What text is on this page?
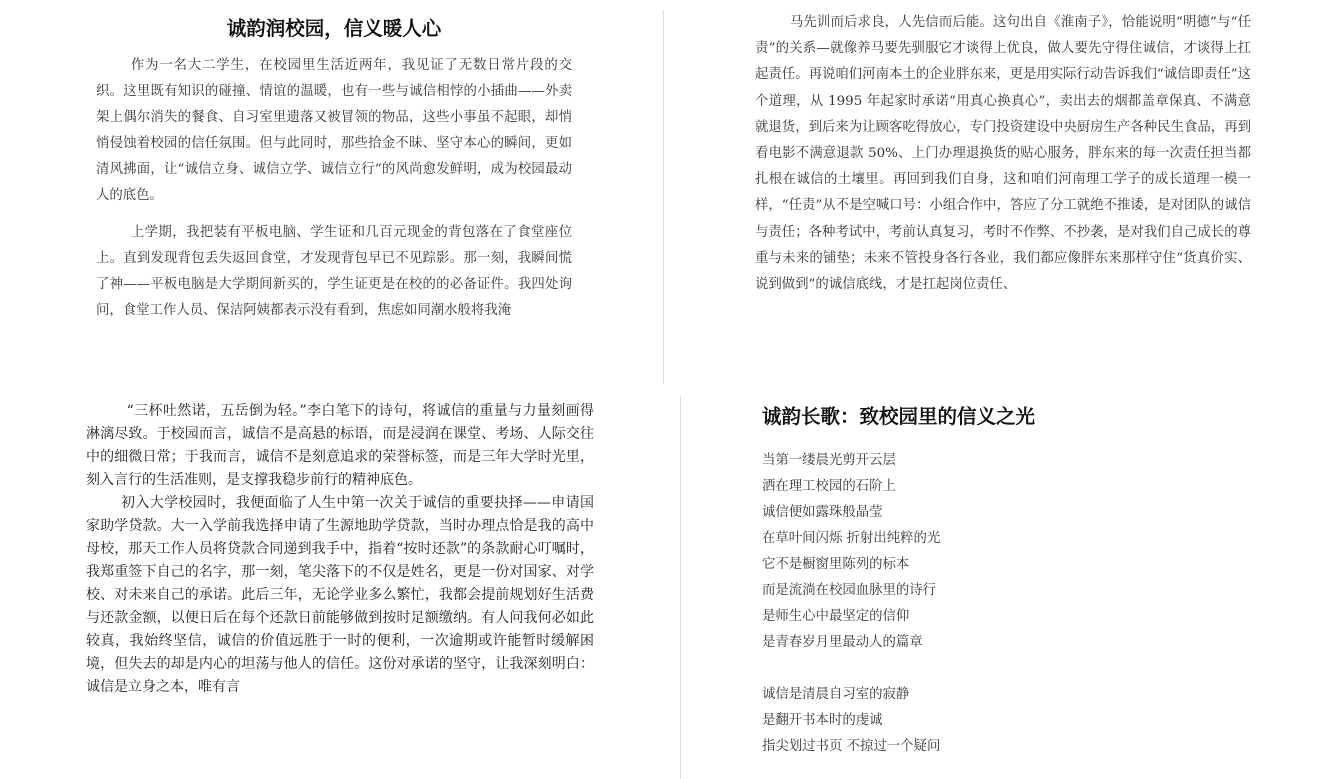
诚韵润校园，信义暖人心

作为一名大二学生，在校园里生活近两年，我见证了无数日常片段的交织。这里既有知识的碰撞、情谊的温暖，也有一些与诚信相悖的小插曲——外卖架上偶尔消失的餐食、自习室里遗落又被冒领的物品，这些小事虽不起眼，却悄悄侵蚀着校园的信任氛围。但与此同时，那些拾金不昧、坚守本心的瞬间，更如清风拂面，让“诚信立身、诚信立学、诚信立行”的风尚愈发鲜明，成为校园最动人的底色。

上学期，我把装有平板电脑、学生证和几百元现金的背包落在了食堂座位上。直到发现背包丢失返回食堂，才发现背包早已不见踪影。那一刻，我瞬间慌了神——平板电脑是大学期间新买的，学生证更是在校的的必备证件。我四处询问，食堂工作人员、保洁阿姨都表示没有看到，焦虑如同潮水般将我淹

马先训而后求良，人先信而后能。这句出自《淮南子》，恰能说明“明德”与“任责”的关系—就像养马要先驯服它才谈得上优良，做人要先守得住诚信，才谈得上扛起责任。再说咱们河南本土的企业胖东来，更是用实际行动告诉我们“诚信即责任”这个道理，从 1995 年起家时承诺“用真心换真心”，卖出去的烟都盖章保真、不满意就退货，到后来为让顾客吃得放心，专门投资建设中央厨房生产各种民生食品，再到看电影不满意退款 50%、上门办理退换货的贴心服务，胖东来的每一次责任担当都扎根在诚信的土壤里。再回到我们自身，这和咱们河南理工学子的成长道理一模一样，“任责”从不是空喊口号：小组合作中，答应了分工就绝不推诿，是对团队的诚信与责任；各种考试中，考前认真复习，考时不作弊、不抄袭，是对我们自己成长的尊重与未来的铺垫；未来不管投身各行各业，我们都应像胖东来那样守住“货真价实、说到做到”的诚信底线，才是扛起岗位责任、

“三杯吐然诺，五岳倒为轻。”李白笔下的诗句，将诚信的重量与力量刻画得淋漓尽致。于校园而言，诚信不是高悬的标语，而是浸润在课堂、考场、人际交往中的细微日常；于我而言，诚信不是刻意追求的荣誉标签，而是三年大学时光里，刻入言行的生活准则，是支撑我稳步前行的精神底色。

初入大学校园时，我便面临了人生中第一次关于诚信的重要抉择——申请国家助学贷款。大一入学前我选择申请了生源地助学贷款，当时办理点恰是我的高中母校，那天工作人员将贷款合同递到我手中，指着“按时还款”的条款耐心叮嘱时，我郑重签下自己的名字，那一刻，笔尖落下的不仅是姓名，更是一份对国家、对学校、对未来自己的承诺。此后三年，无论学业多么繁忙，我都会提前规划好生活费与还款金额，以便日后在每个还款日前能够做到按时足额缴纳。有人问我何必如此较真，我始终坚信，诚信的价值远胜于一时的便利，一次逾期或许能暂时缓解困境，但失去的却是内心的坦荡与他人的信任。这份对承诺的坚守，让我深刻明白：诚信是立身之本，唯有言

诚韵长歌：致校园里的信义之光

当第一缕晨光剪开云层

洒在理工校园的石阶上

诚信便如露珠般晶莹

在草叶间闪烁 折射出纯粹的光

它不是橱窗里陈列的标本

而是流淌在校园血脉里的诗行

是师生心中最坚定的信仰

是青春岁月里最动人的篇章

诚信是清晨自习室的寂静

是翻开书本时的虔诚

指尖划过书页 不掠过一个疑问
